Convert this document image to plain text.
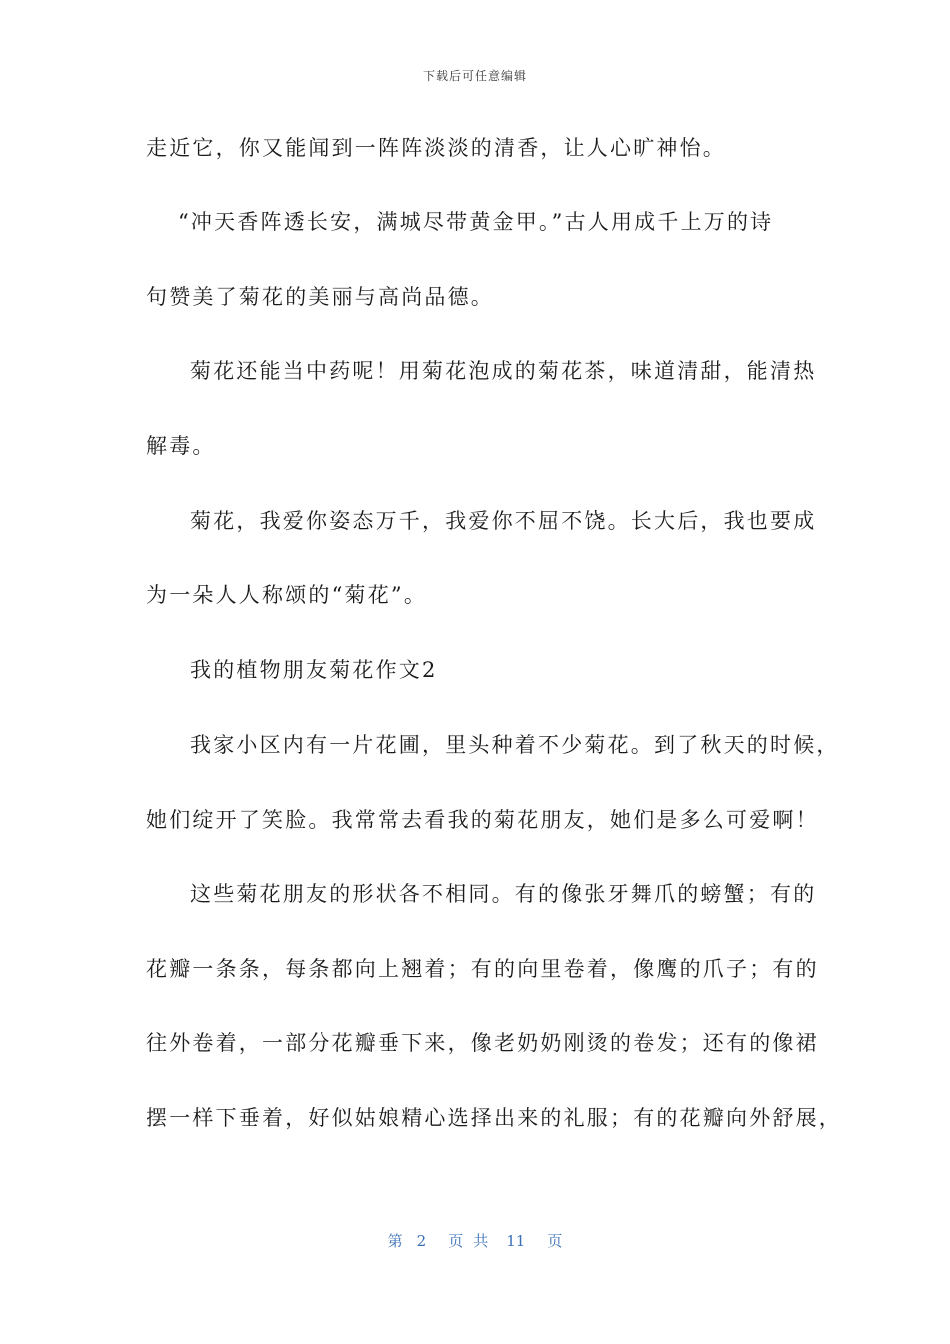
下载后可任意编辑
走近它，你又能闻到一阵阵淡淡的清香，让人心旷神怡。
“冲天香阵透长安，满城尽带黄金甲。”古人用成千上万的诗
句赞美了菊花的美丽与高尚品德。
菊花还能当中药呢！用菊花泡成的菊花茶，味道清甜，能清热
解毒。
菊花，我爱你姿态万千，我爱你不屈不饶。长大后，我也要成
为一朵人人称颂的“菊花”。
我的植物朋友菊花作文2
我家小区内有一片花圃，里头种着不少菊花。到了秋天的时候，
她们绽开了笑脸。我常常去看我的菊花朋友，她们是多么可爱啊！
这些菊花朋友的形状各不相同。有的像张牙舞爪的螃蟹；有的
花瓣一条条，每条都向上翘着；有的向里卷着，像鹰的爪子；有的
往外卷着，一部分花瓣垂下来，像老奶奶刚烫的卷发；还有的像裙
摆一样下垂着，好似姑娘精心选择出来的礼服；有的花瓣向外舒展，
第 2 页共 11 页
